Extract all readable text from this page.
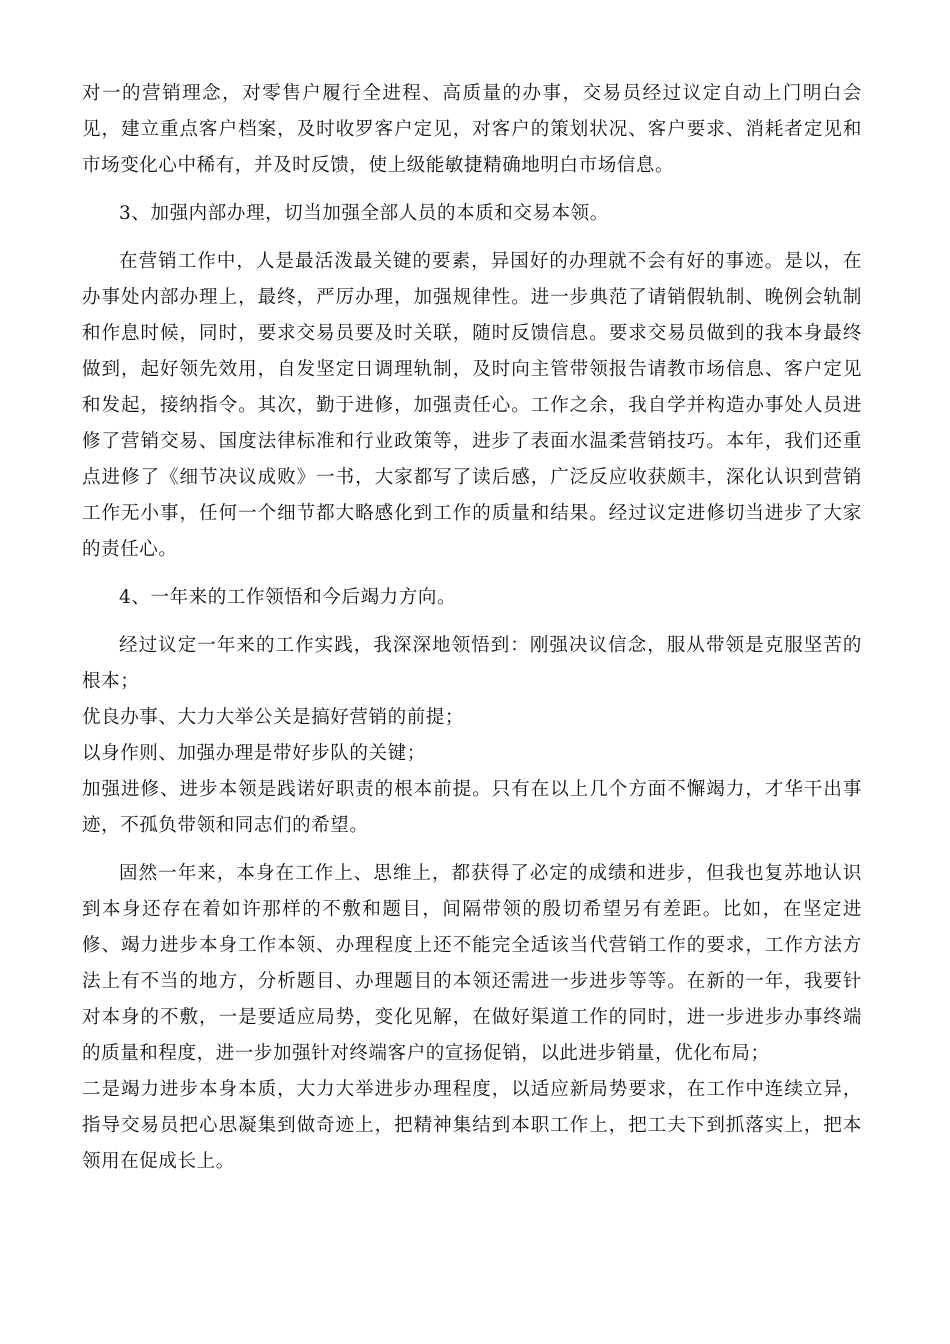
对一的营销理念，对零售户履行全进程、高质量的办事，交易员经过议定自动上门明白会见，建立重点客户档案，及时收罗客户定见，对客户的策划状况、客户要求、消耗者定见和市场变化心中稀有，并及时反馈，使上级能敏捷精确地明白市场信息。

3、加强内部办理，切当加强全部人员的本质和交易本领。

在营销工作中，人是最活泼最关键的要素，异国好的办理就不会有好的事迹。是以，在办事处内部办理上，最终，严厉办理，加强规律性。进一步典范了请销假轨制、晚例会轨制和作息时候，同时，要求交易员要及时关联，随时反馈信息。要求交易员做到的我本身最终做到，起好领先效用，自发坚定日调理轨制，及时向主管带领报告请教市场信息、客户定见和发起，接纳指令。其次，勤于进修，加强责任心。工作之余，我自学并构造办事处人员进修了营销交易、国度法律标准和行业政策等，进步了表面水温柔营销技巧。本年，我们还重点进修了《细节决议成败》一书，大家都写了读后感，广泛反应收获颇丰，深化认识到营销工作无小事，任何一个细节都大略感化到工作的质量和结果。经过议定进修切当进步了大家的责任心。

4、一年来的工作领悟和今后竭力方向。

经过议定一年来的工作实践，我深深地领悟到：刚强决议信念，服从带领是克服坚苦的根本；

优良办事、大力大举公关是搞好营销的前提；

以身作则、加强办理是带好步队的关键；

加强进修、进步本领是践诺好职责的根本前提。只有在以上几个方面不懈竭力，才华干出事迹，不孤负带领和同志们的希望。

固然一年来，本身在工作上、思维上，都获得了必定的成绩和进步，但我也复苏地认识到本身还存在着如许那样的不敷和题目，间隔带领的殷切希望另有差距。比如，在坚定进修、竭力进步本身工作本领、办理程度上还不能完全适该当代营销工作的要求，工作方法方法上有不当的地方，分析题目、办理题目的本领还需进一步进步等等。在新的一年，我要针对本身的不敷，一是要适应局势，变化见解，在做好渠道工作的同时，进一步进步办事终端的质量和程度，进一步加强针对终端客户的宣扬促销，以此进步销量，优化布局；

二是竭力进步本身本质，大力大举进步办理程度，以适应新局势要求，在工作中连续立异，指导交易员把心思凝集到做奇迹上，把精神集结到本职工作上，把工夫下到抓落实上，把本领用在促成长上。
